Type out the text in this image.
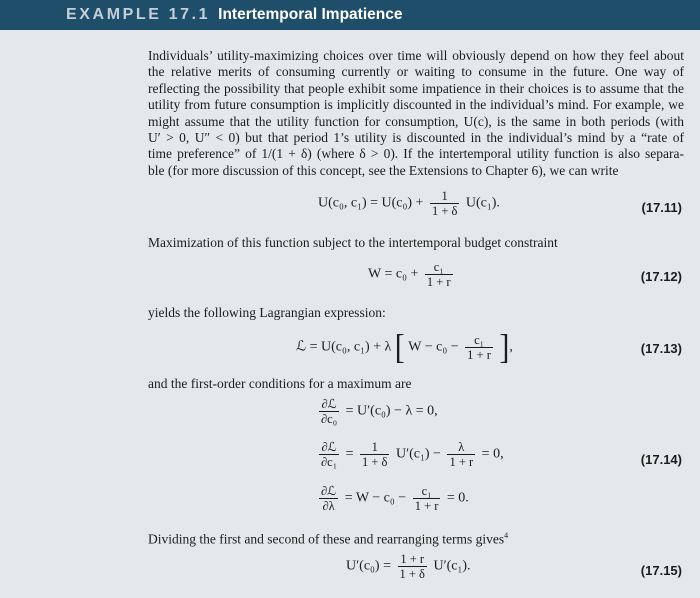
EXAMPLE 17.1 Intertemporal Impatience
Individuals’ utility-maximizing choices over time will obviously depend on how they feel about
the relative merits of consuming currently or waiting to consume in the future. One way of
reflecting the possibility that people exhibit some impatience in their choices is to assume that the
utility from future consumption is implicitly discounted in the individual’s mind. For example, we
might assume that the utility function for consumption, U(c), is the same in both periods (with
U′ > 0, U″ < 0) but that period 1’s utility is discounted in the individual’s mind by a “rate of
time preference” of 1/(1 + δ) (where δ > 0). If the intertemporal utility function is also separa-
ble (for more discussion of this concept, see the Extensions to Chapter 6), we can write
U(c₀, $c_1) = U(c_0) + \frac{1}{1 + \delta} U(c_1)$.	(17.11)
Maximization of this function subject to the intertemporal budget constraint
$W = c_0 + \frac{\text{c₁}}{1 + r}$	(17.12)
yields the following Lagrangian expression:
ℒ = U(c₀, c₁) + λ [ $W - c_0 - \frac{\text{c₁}}{1 + r}$ ],	(17.13)
and the first-order conditions for a maximum are
$\frac{\text{∂ℒ}}{\text{∂c₀}} = U'(c_0) - \lambda = 0$,
$\frac{\text{∂ℒ}}{\text{∂c₁}} = \frac{1}{1 + \delta} U'(c_1) - \frac{\lambda}{1 + r} = 0$,	(17.14)
$\frac{\text{∂ℒ}}{\partial\lambda} = W - c_0 - \frac{\text{c₁}}{1 + r} = 0$.
Dividing the first and second of these and rearranging terms gives$^4$
$U'(c_0) = \frac{1 + r}{1 + \delta} U'(c_1)$.	(17.15)
